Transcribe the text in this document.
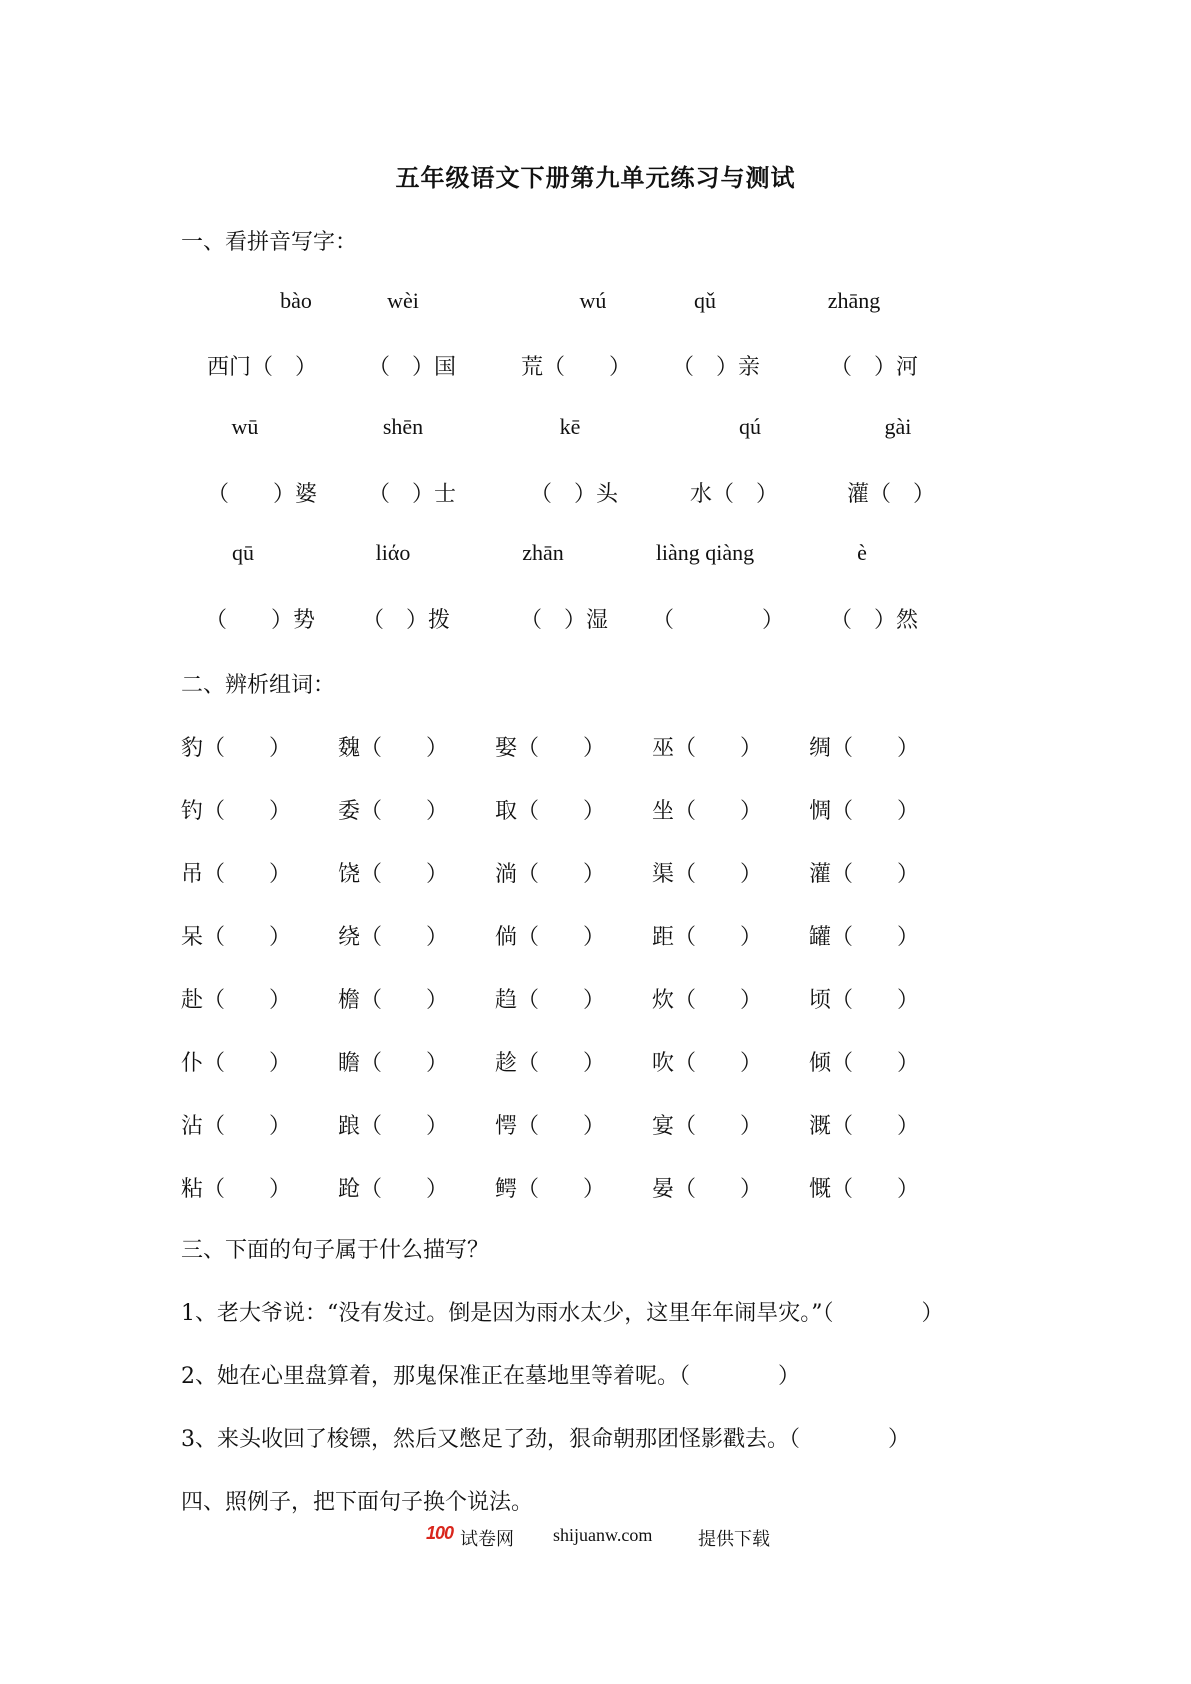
五年级语文下册第九单元练习与测试
一、看拼音写字：
bào	wèi	wú	qǔ	zhāng
西门（　） （　）国	荒（　　） （　）亲	（　）河
wū	shēn	kē	qú	gài
（　　）婆 （　）士	（　）头	水（　）	灌（　）
qū	liάo	zhān	liàng qiàng	è
（　　）势 （　）拨	（　）湿 （　　　　） （　）然
二、辨析组词：
豹（　　） 魏（　　） 娶（　　） 巫（　　） 绸（　　）
钓（　　） 委（　　） 取（　　） 坐（　　） 惆（　　）
吊（　　） 饶（　　） 淌（　　） 渠（　　） 灌（　　）
呆（　　） 绕（　　） 倘（　　） 距（　　） 罐（　　）
赴（　　） 檐（　　） 趋（　　） 炊（　　） 顷（　　）
仆（　　） 瞻（　　） 趁（　　） 吹（　　） 倾（　　）
沾（　　） 踉（　　） 愕（　　） 宴（　　） 溉（　　）
粘（　　） 跄（　　） 鳄（　　） 晏（　　） 慨（　　）
三、下面的句子属于什么描写？
1、老大爷说：“没有发过。倒是因为雨水太少，这里年年闹旱灾。”（　　　　）
2、她在心里盘算着，那鬼保准正在墓地里等着呢。（　　　　）
3、来头收回了梭镖，然后又憋足了劲，狠命朝那团怪影戳去。（　　　　）
四、照例子，把下面句子换个说法。
100 试卷网 shijuanw.com	提供下载
